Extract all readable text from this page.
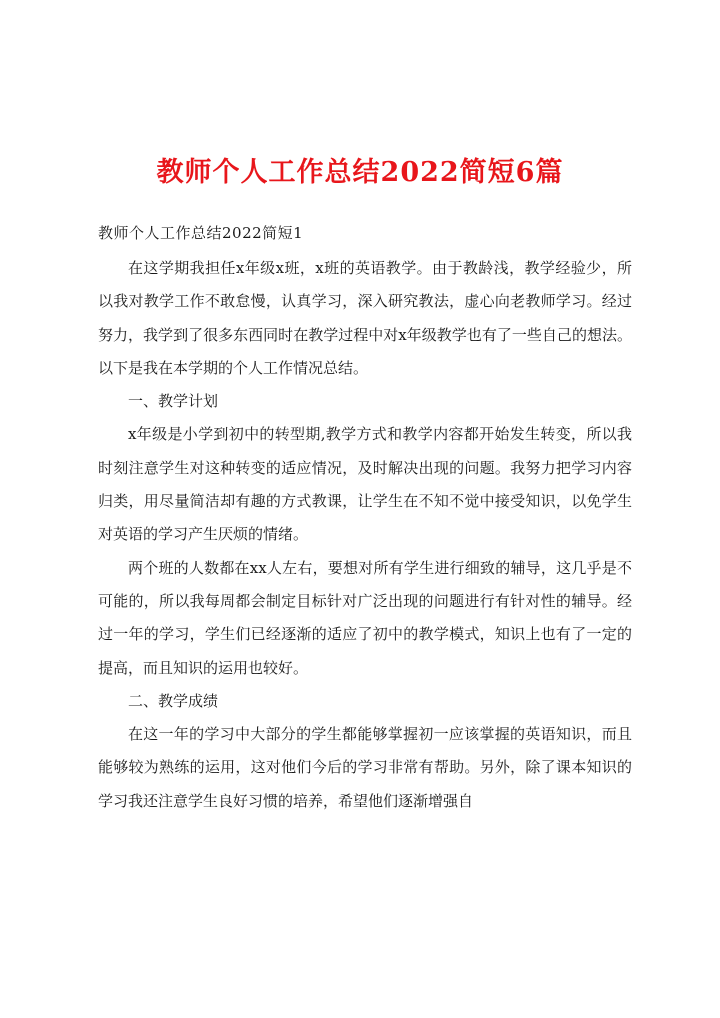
教师个人工作总结2022简短6篇
教师个人工作总结2022简短1

在这学期我担任x年级x班，x班的英语教学。由于教龄浅，教学经验少，所以我对教学工作不敢怠慢，认真学习，深入研究教法，虚心向老教师学习。经过努力，我学到了很多东西同时在教学过程中对x年级教学也有了一些自己的想法。以下是我在本学期的个人工作情况总结。

一、教学计划

x年级是小学到初中的转型期,教学方式和教学内容都开始发生转变，所以我时刻注意学生对这种转变的适应情况，及时解决出现的问题。我努力把学习内容归类，用尽量简洁却有趣的方式教课，让学生在不知不觉中接受知识，以免学生对英语的学习产生厌烦的情绪。

两个班的人数都在xx人左右，要想对所有学生进行细致的辅导，这几乎是不可能的，所以我每周都会制定目标针对广泛出现的问题进行有针对性的辅导。经过一年的学习，学生们已经逐渐的适应了初中的教学模式，知识上也有了一定的提高，而且知识的运用也较好。

二、教学成绩

在这一年的学习中大部分的学生都能够掌握初一应该掌握的英语知识，而且能够较为熟练的运用，这对他们今后的学习非常有帮助。另外，除了课本知识的学习我还注意学生良好习惯的培养，希望他们逐渐增强自
